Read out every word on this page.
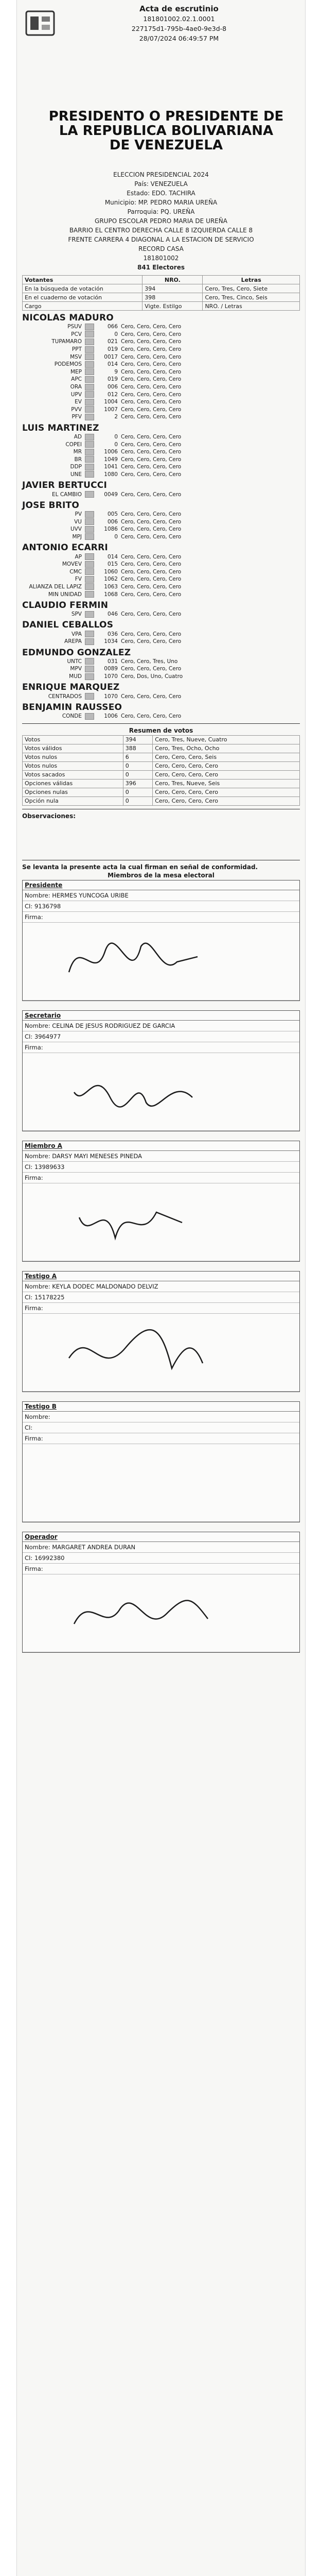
Acta de escrutinio
181801002.02.1.0001
227175d1-795b-4ae0-9e3d-8
28/07/2024 06:49:57 PM
PRESIDENTO O PRESIDENTE DE LA REPUBLICA BOLIVARIANA DE VENEZUELA
ELECCION PRESIDENCIAL 2024
País: VENEZUELA
Estado: EDO. TACHIRA
Municipio: MP. PEDRO MARIA UREÑA
Parroquia: PQ. UREÑA
GRUPO ESCOLAR PEDRO MARIA DE UREÑA
BARRIO EL CENTRO DERECHA CALLE 8 IZQUIERDA CALLE 8 FRENTE CARRERA 4 DIAGONAL A LA ESTACION DE SERVICIO RECORD CASA
181801002
841 Electores
Votantes	NRO.	Letras
En la búsqueda de votación	394	Cero, Tres, Cero, Siete
En el cuaderno de votación	398	Cero, Tres, Cinco, Seis
Cargo	Vigte. Estilgo	NRO. / Letras
NICOLAS MADURO
PSUV	066 Cero, Cero, Cero, Cero
PCV	0 Cero, Cero, Cero, Cero
TUPAMARO	021 Cero, Cero, Cero, Cero
PPT	019 Cero, Cero, Cero, Cero
MSV	0017 Cero, Cero, Cero, Cero
PODEMOS	014 Cero, Cero, Cero, Cero
MEP	9 Cero, Cero, Cero, Cero
APC	019 Cero, Cero, Cero, Cero
ORA	006 Cero, Cero, Cero, Cero
UPV	012 Cero, Cero, Cero, Cero
EV	1004 Cero, Cero, Cero, Cero
PVV	1007 Cero, Cero, Cero, Cero
PFV	2 Cero, Cero, Cero, Cero
LUIS MARTINEZ
AD	0 Cero, Cero, Cero, Cero
COPEI	0 Cero, Cero, Cero, Cero
MR	1006 Cero, Cero, Cero, Cero
BR	1049 Cero, Cero, Cero, Cero
DDP	1041 Cero, Cero, Cero, Cero
UNE	1080 Cero, Cero, Cero, Cero
JAVIER BERTUCCI
EL CAMBIO	0049 Cero, Cero, Cero, Cero
JOSE BRITO
PV	005 Cero, Cero, Cero, Cero
VU	006 Cero, Cero, Cero, Cero
UVV	1086 Cero, Cero, Cero, Cero
MPJ	0 Cero, Cero, Cero, Cero
ANTONIO ECARRI
AP	014 Cero, Cero, Cero, Cero
MOVEV	015 Cero, Cero, Cero, Cero
CMC	1060 Cero, Cero, Cero, Cero
FV	1062 Cero, Cero, Cero, Cero
ALIANZA DEL LAPIZ	1063 Cero, Cero, Cero, Cero
MIN UNIDAD	1068 Cero, Cero, Cero, Cero
CLAUDIO FERMIN
SPV	046 Cero, Cero, Cero, Cero
DANIEL CEBALLOS
VPA	036 Cero, Cero, Cero, Cero
AREPA	1034 Cero, Cero, Cero, Cero
EDMUNDO GONZALEZ
UNTC	031 Cero, Cero, Tres, Uno
MPV	0089 Cero, Cero, Cero, Cero
MUD	1070 Cero, Dos, Uno, Cuatro
ENRIQUE MARQUEZ
CENTRADOS	1070 Cero, Cero, Cero, Cero
BENJAMIN RAUSSEO
CONDE	1006 Cero, Cero, Cero, Cero
Resumen de votos
Votos	394	Cero, Tres, Nueve, Cuatro
Votos válidos	388	Cero, Tres, Ocho, Ocho
Votos nulos	6	Cero, Cero, Cero, Seis
Votos nulos	0	Cero, Cero, Cero, Cero
Votos sacados	0	Cero, Cero, Cero, Cero
Opciones válidas	396	Cero, Tres, Nueve, Seis
Opciones nulas	0	Cero, Cero, Cero, Cero
Opción nula	0	Cero, Cero, Cero, Cero
Observaciones:
Se levanta la presente acta la cual firman en señal de conformidad.
Miembros de la mesa electoral
Presidente
Nombre: HERMES YUNCOGA URIBE
CI: 9136798
Firma:
Secretario
Nombre: CELINA DE JESUS RODRIGUEZ DE GARCIA
CI: 3964977
Firma:
Miembro A
Nombre: DARSY MAYI MENESES PINEDA
CI: 13989633
Firma:
Testigo A
Nombre: KEYLA DODEC MALDONADO DELVIZ
CI: 15178225
Firma:
Testigo B
Nombre:
CI:
Firma:
Operador
Nombre: MARGARET ANDREA DURAN
CI: 16992380
Firma:
